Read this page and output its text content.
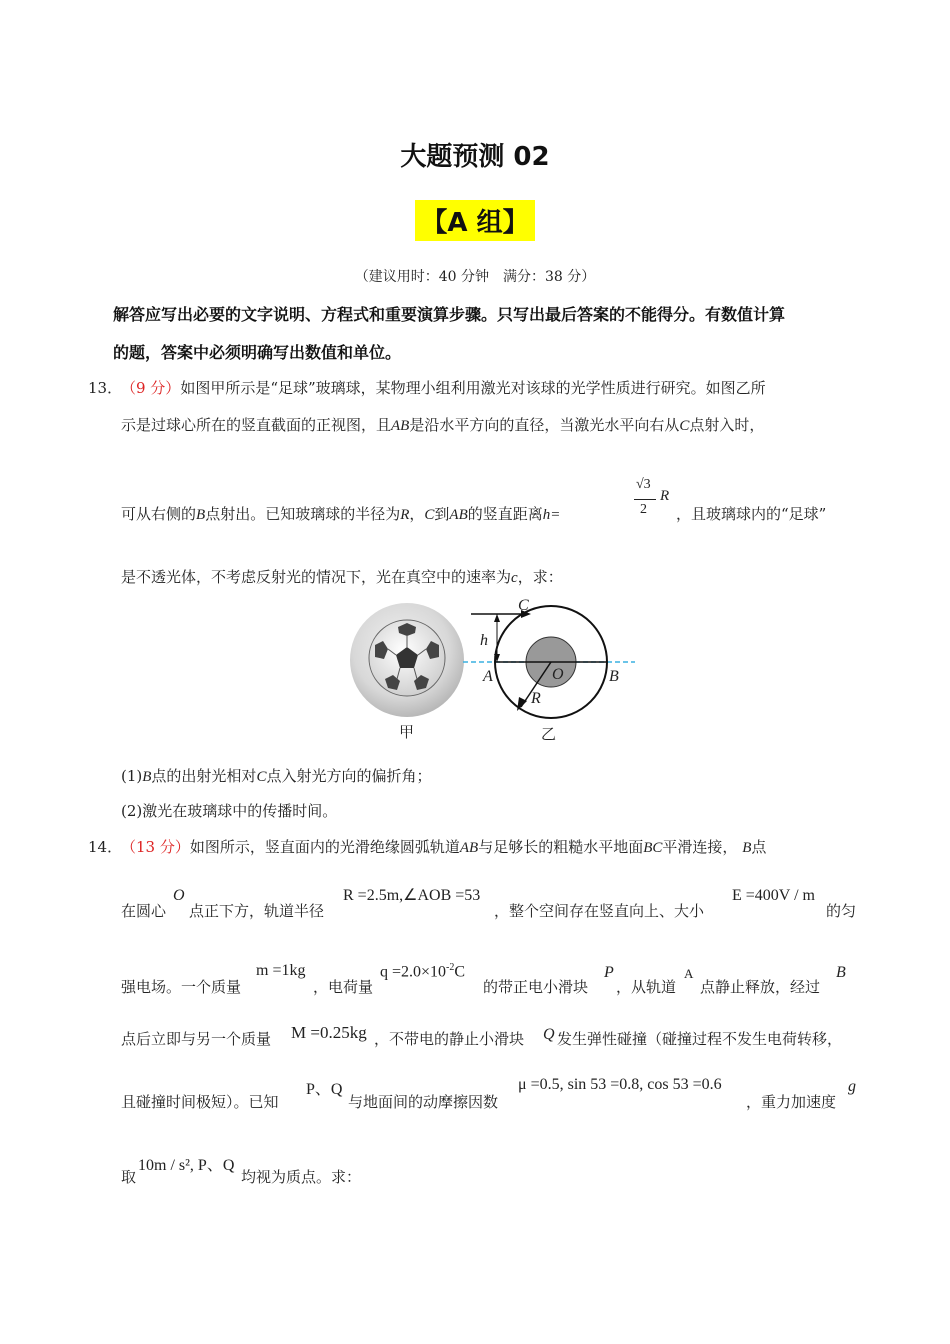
大题预测 02
【A 组】
（建议用时：40 分钟　满分：38 分）
解答应写出必要的文字说明、方程式和重要演算步骤。只写出最后答案的不能得分。有数值计算
的题，答案中必须明确写出数值和单位。
13．
（9 分）如图甲所示是“足球”玻璃球，某物理小组利用激光对该球的光学性质进行研究。如图乙所
示是过球心所在的竖直截面的正视图，且AB是沿水平方向的直径，当激光水平向右从C点射入时，
可从右侧的B点射出。已知玻璃球的半径为R，C到AB的竖直距离h=
√3
2
R
，且玻璃球内的“足球”
是不透光体，不考虑反射光的情况下，光在真空中的速率为c，求：
C
h
A	O	B
R
甲	乙
(1)B点的出射光相对C点入射光方向的偏折角；
(2)激光在玻璃球中的传播时间。
14．
（13 分）如图所示，竖直面内的光滑绝缘圆弧轨道AB与足够长的粗糙水平地面BC平滑连接， B点
在圆心
O
点正下方，轨道半径
R =2.5m,∠AOB =53
，整个空间存在竖直向上、大小
E =400V / m
的匀
强电场。一个质量
m =1kg
，电荷量
$q =2.0\times 10^{-2}C$
的带正电小滑块
P
，从轨道
A
点静止释放，经过
B
点后立即与另一个质量 M =0.25kg ，不带电的静止小滑块 Q 发生弹性碰撞（碰撞过程不发生电荷转移，
且碰撞时间极短）。已知
P、Q
与地面间的动摩擦因数
μ =0.5, sin 53 =0.8, cos 53 =0.6
，重力加速度
g
取
10m / s², P、Q
均视为质点。求：
